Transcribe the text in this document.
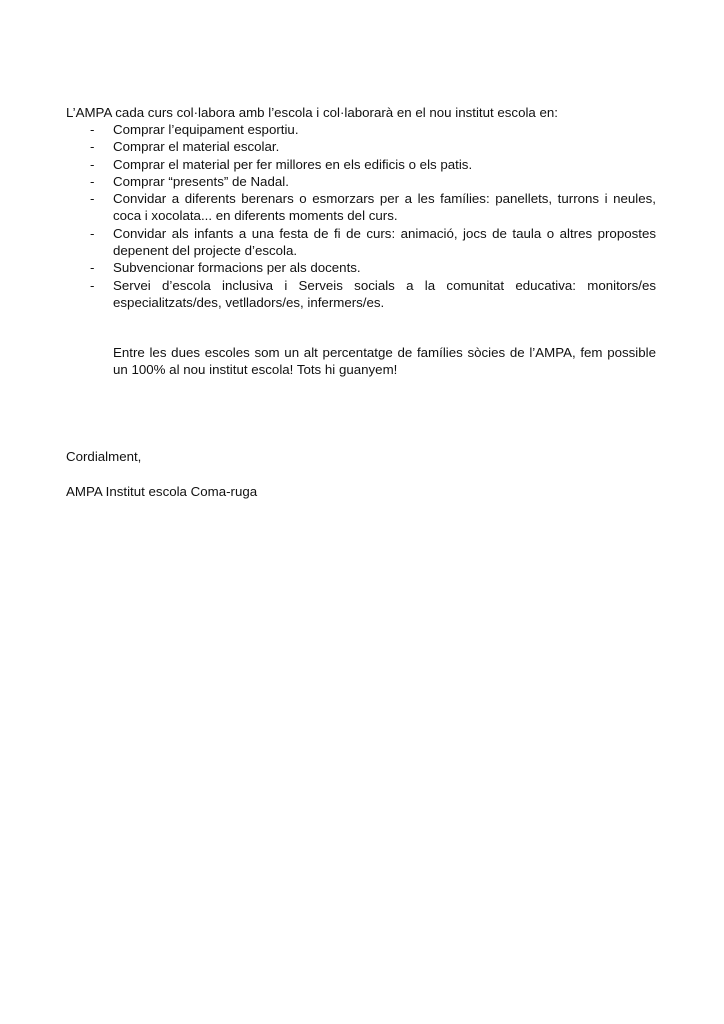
L’AMPA cada curs col·labora amb l’escola i col·laborarà en el nou institut escola en:
- Comprar l’equipament esportiu.
- Comprar el material escolar.
- Comprar el material per fer millores en els edificis o els patis.
- Comprar “presents” de Nadal.
- Convidar a diferents berenars o esmorzars per a les famílies: panellets, turrons i neules, coca i xocolata... en diferents moments del curs.
- Convidar als infants a una festa de fi de curs: animació, jocs de taula o altres propostes depenent del projecte d’escola.
- Subvencionar formacions per als docents.
- Servei d’escola inclusiva i Serveis socials a la comunitat educativa: monitors/es especialitzats/des, vetlladors/es, infermers/es.
Entre les dues escoles som un alt percentatge de famílies sòcies de l’AMPA, fem possible un 100% al nou institut escola! Tots hi guanyem!
Cordialment,
AMPA Institut escola Coma-ruga
